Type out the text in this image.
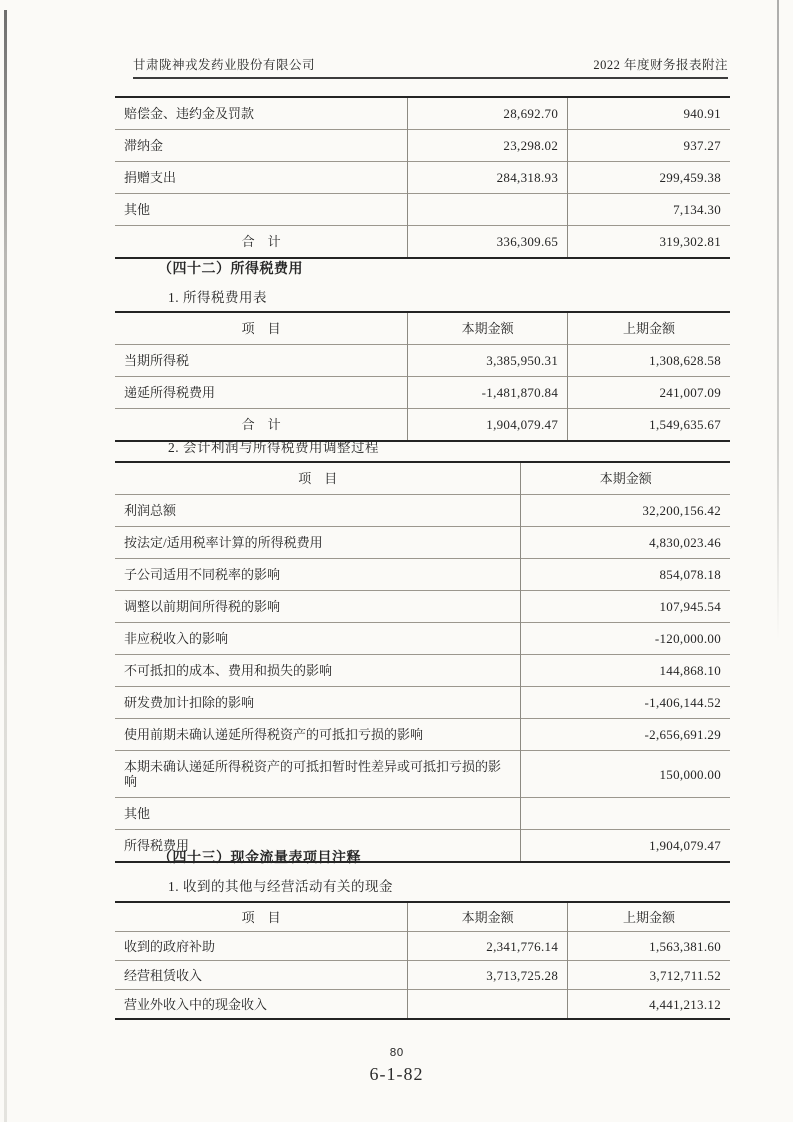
甘肃陇神戎发药业股份有限公司	2022 年度财务报表附注
赔偿金、违约金及罚款	28,692.70	940.91
滞纳金	23,298.02	937.27
捐赠支出	284,318.93	299,459.38
其他		7,134.30
合　计	336,309.65	319,302.81
（四十二）所得税费用
1. 所得税费用表
项　目	本期金额	上期金额
当期所得税	3,385,950.31	1,308,628.58
递延所得税费用	-1,481,870.84	241,007.09
合　计	1,904,079.47	1,549,635.67
2. 会计利润与所得税费用调整过程
项　目	本期金额
利润总额	32,200,156.42
按法定/适用税率计算的所得税费用	4,830,023.46
子公司适用不同税率的影响	854,078.18
调整以前期间所得税的影响	107,945.54
非应税收入的影响	-120,000.00
不可抵扣的成本、费用和损失的影响	144,868.10
研发费加计扣除的影响	-1,406,144.52
使用前期未确认递延所得税资产的可抵扣亏损的影响	-2,656,691.29
本期未确认递延所得税资产的可抵扣暂时性差异或可抵扣亏损的影响	150,000.00
其他	
所得税费用	1,904,079.47
（四十三）现金流量表项目注释
1. 收到的其他与经营活动有关的现金
项　目	本期金额	上期金额
收到的政府补助	2,341,776.14	1,563,381.60
经营租赁收入	3,713,725.28	3,712,711.52
营业外收入中的现金收入		4,441,213.12
80
6-1-82
